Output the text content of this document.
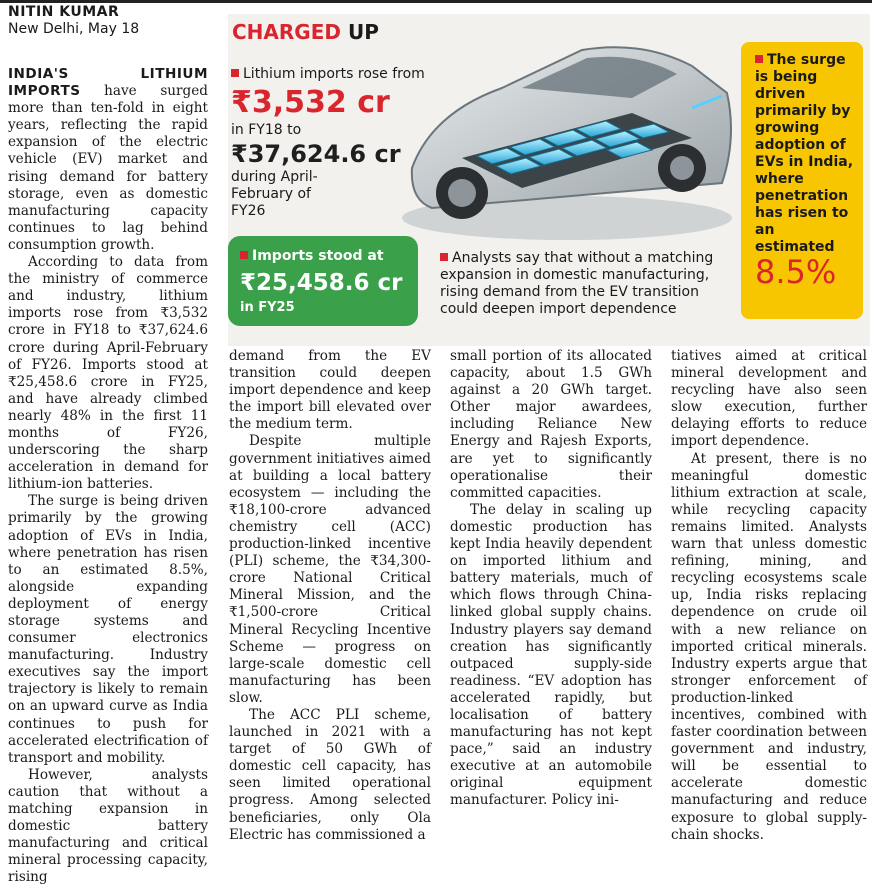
NITIN KUMAR
New Delhi, May 18	CHARGED UP
Lithium imports rose from
₹3,532 cr
in FY18 to
₹37,624.6 cr
during April-February of FY26
Imports stood at
₹25,458.6 cr
in FY25
Analysts say that without a matching expansion in domestic manufacturing, rising demand from the EV transition could deepen import dependence
The surge is being driven primarily by growing adoption of EVs in India, where penetration has risen to an estimated
8.5%

INDIA'S LITHIUM IMPORTS have surged more than ten-fold in eight years, reflecting the rapid expansion of the electric vehicle (EV) market and rising demand for battery storage, even as domestic manufacturing capacity continues to lag behind consumption growth.

According to data from the ministry of commerce and industry, lithium imports rose from ₹3,532 crore in FY18 to ₹37,624.6 crore during April-February of FY26. Imports stood at ₹25,458.6 crore in FY25, and have already climbed nearly 48% in the first 11 months of FY26, underscoring the sharp acceleration in demand for lithium-ion batteries.

The surge is being driven primarily by the growing adoption of EVs in India, where penetration has risen to an estimated 8.5%, alongside expanding deployment of energy storage systems and consumer electronics manufacturing. Industry executives say the import trajectory is likely to remain on an upward curve as India continues to push for accelerated electrification of transport and mobility.

However, analysts caution that without a matching expansion in domestic battery manufacturing and critical mineral processing capacity, rising

demand from the EV transition could deepen import dependence and keep the import bill elevated over the medium term.

Despite multiple government initiatives aimed at building a local battery ecosystem — including the ₹18,100-crore advanced chemistry cell (ACC) production-linked incentive (PLI) scheme, the ₹34,300-crore National Critical Mineral Mission, and the ₹1,500-crore Critical Mineral Recycling Incentive Scheme — progress on large-scale domestic cell manufacturing has been slow.

The ACC PLI scheme, launched in 2021 with a target of 50 GWh of domestic cell capacity, has seen limited operational progress. Among selected beneficiaries, only Ola Electric has commissioned a

small portion of its allocated capacity, about 1.5 GWh against a 20 GWh target. Other major awardees, including Reliance New Energy and Rajesh Exports, are yet to significantly operationalise their committed capacities.

The delay in scaling up domestic production has kept India heavily dependent on imported lithium and battery materials, much of which flows through China-linked global supply chains. Industry players say demand creation has significantly outpaced supply-side readiness. “EV adoption has accelerated rapidly, but localisation of battery manufacturing has not kept pace,” said an industry executive at an automobile original equipment manufacturer. Policy ini-

tiatives aimed at critical mineral development and recycling have also seen slow execution, further delaying efforts to reduce import dependence.

At present, there is no meaningful domestic lithium extraction at scale, while recycling capacity remains limited. Analysts warn that unless domestic refining, mining, and recycling ecosystems scale up, India risks replacing dependence on crude oil with a new reliance on imported critical minerals. Industry experts argue that stronger enforcement of production-linked incentives, combined with faster coordination between government and industry, will be essential to accelerate domestic manufacturing and reduce exposure to global supply-chain shocks.
